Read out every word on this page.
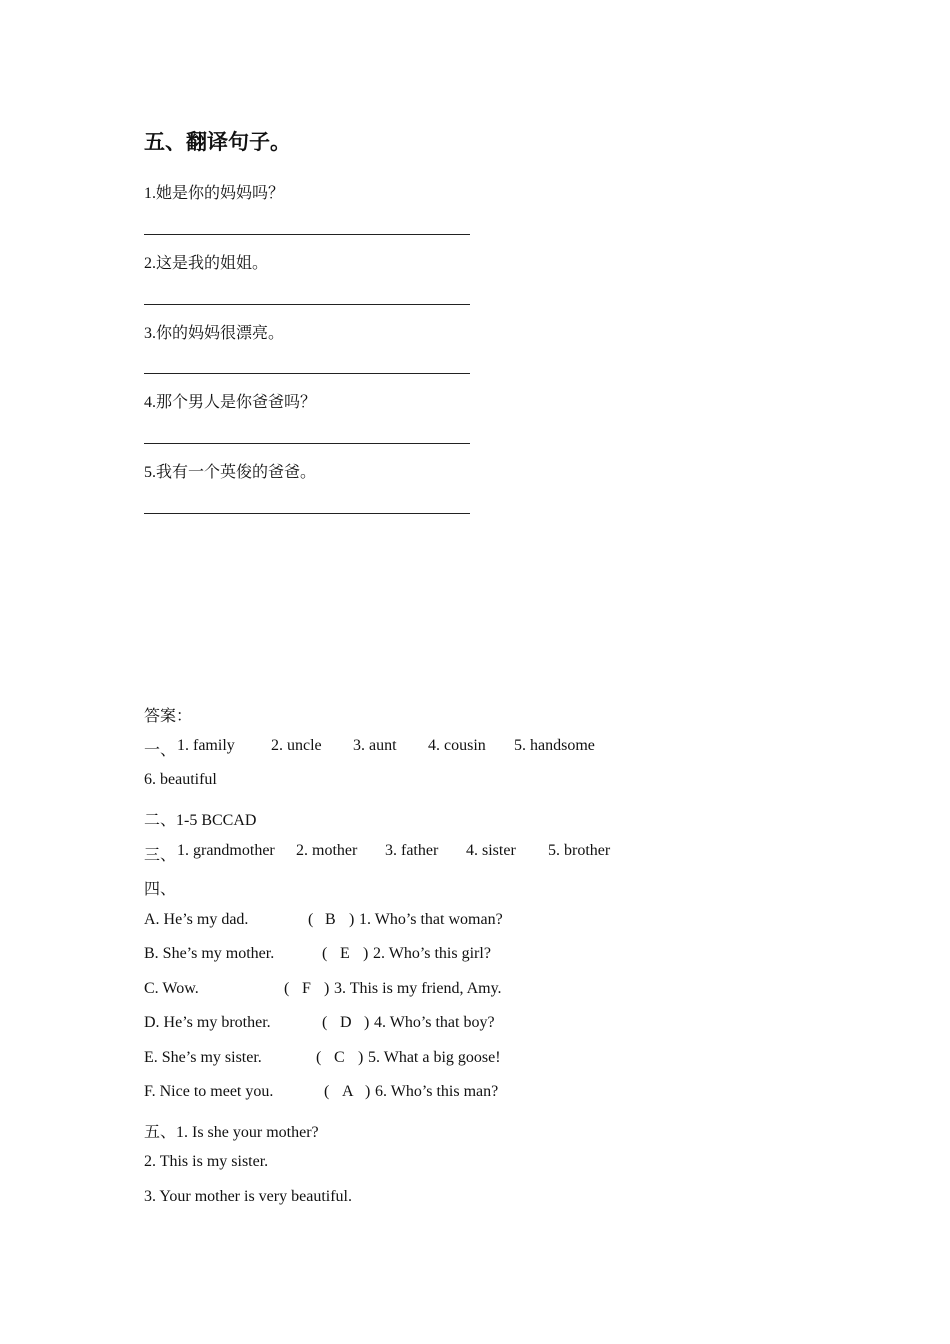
五、翻译句子。
1.她是你的妈妈吗？
2.这是我的姐姐。
3.你的妈妈很漂亮。
4.那个男人是你爸爸吗？
5.我有一个英俊的爸爸。
答案：
一、 1. family 2. uncle 3. aunt 4. cousin 5. handsome
6. beautiful
二、1-5 BCCAD
三、 1. grandmother 2. mother 3. father 4. sister 5. brother
四、
A. He’s my dad.	( B ) 1. Who’s that woman?
B. She’s my mother.	( E ) 2. Who’s this girl?
C. Wow.	( F ) 3. This is my friend, Amy.
D. He’s my brother.	( D ) 4. Who’s that boy?
E. She’s my sister.	( C ) 5. What a big goose!
F. Nice to meet you.	( A ) 6. Who’s this man?
五、1. Is she your mother?
2. This is my sister.
3. Your mother is very beautiful.
